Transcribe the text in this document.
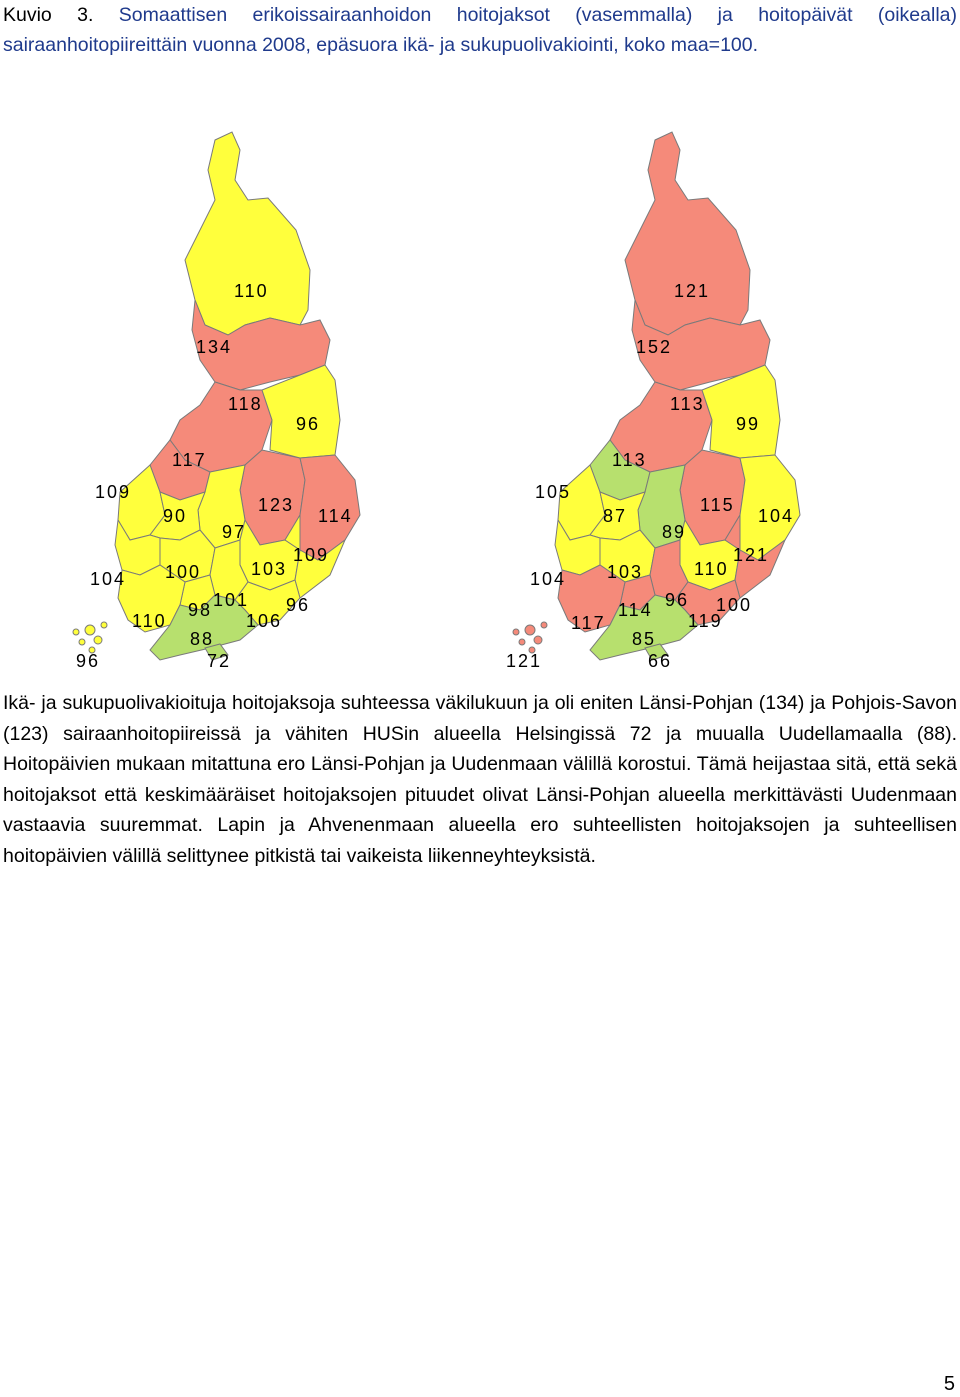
Kuvio 3. Somaattisen erikoissairaanhoidon hoitojaksot (vasemmalla) ja hoitopäivät (oikealla) sairaanhoitopiireittäin vuonna 2008, epäsuora ikä- ja sukupuolivakiointi, koko maa=100.
110
134
118
96
117
109
90
123
114
97
104 100	103
109
101
98	96
110	106
88
96	72
121
152
113
99
113
105
87
115
104
89
121
104 103	110
96
114	100
117	119
85
121	66
Ikä- ja sukupuolivakioituja hoitojaksoja suhteessa väkilukuun ja oli eniten Länsi-Pohjan (134) ja Pohjois-Savon (123) sairaanhoitopiireissä ja vähiten HUSin alueella Helsingissä 72 ja muualla Uudellamaalla (88). Hoitopäivien mukaan mitattuna ero Länsi-Pohjan ja Uudenmaan välillä korostui. Tämä heijastaa sitä, että sekä hoitojaksot että keskimääräiset hoitojaksojen pituudet olivat Länsi-Pohjan alueella merkittävästi Uudenmaan vastaavia suuremmat. Lapin ja Ahvenenmaan alueella ero suhteellisten hoitojaksojen ja suhteellisen hoitopäivien välillä selittynee pitkistä tai vaikeista liikenneyhteyksistä.
5
